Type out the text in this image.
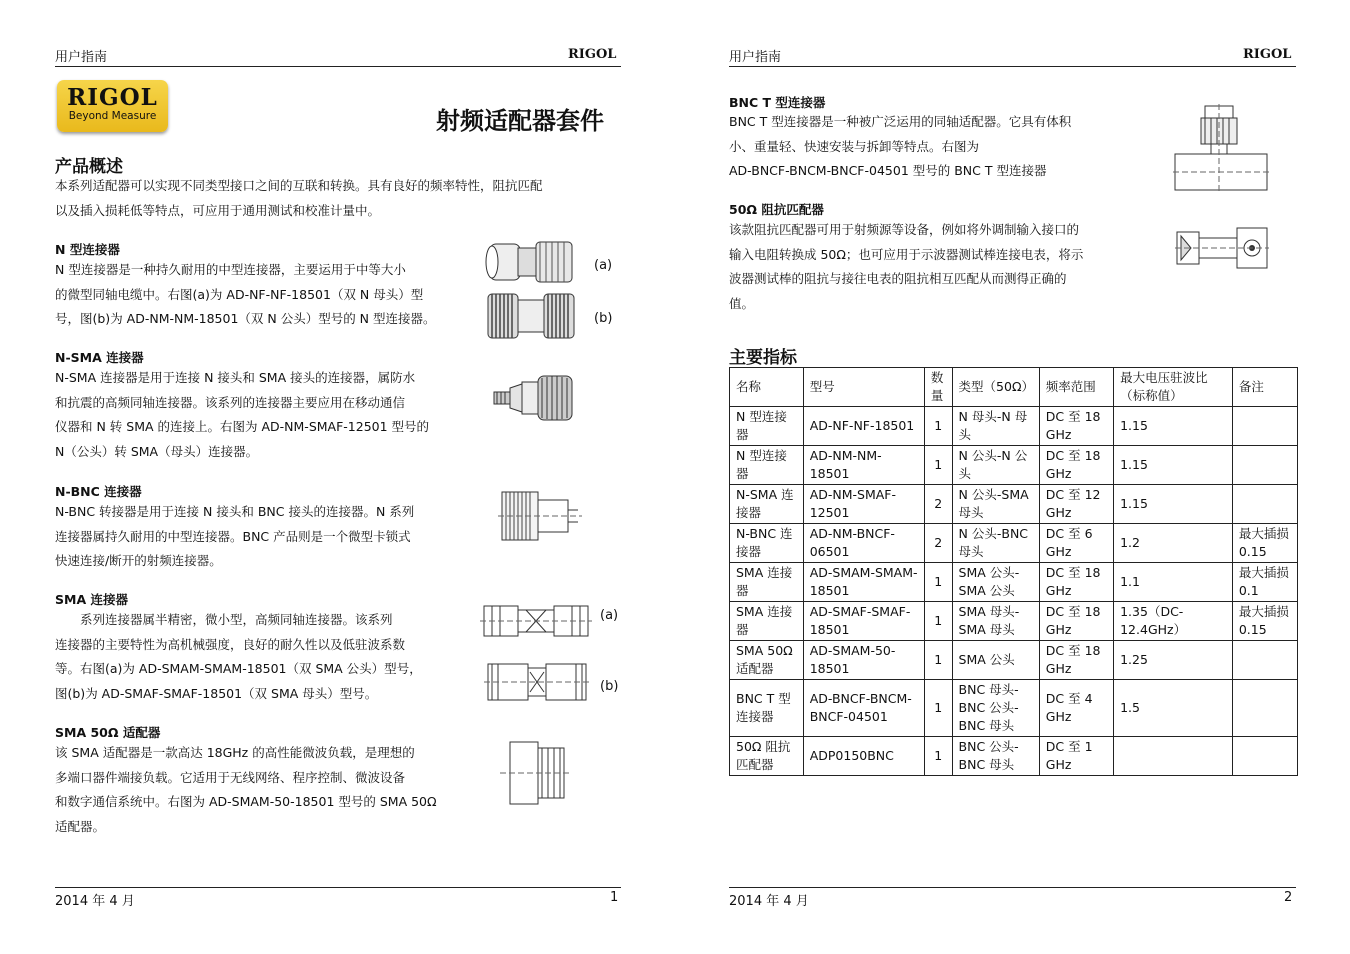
用户指南	RIGOL
RIGOL
Beyond Measure	射频适配器套件
产品概述
本系列适配器可以实现不同类型接口之间的互联和转换。具有良好的频率特性，阻抗匹配
以及插入损耗低等特点，可应用于通用测试和校准计量中。
N 型连接器
N 型连接器是一种持久耐用的中型连接器，主要运用于中等大小
的微型同轴电缆中。右图(a)为 AD-NF-NF-18501（双 N 母头）型
号，图(b)为 AD-NM-NM-18501（双 N 公头）型号的 N 型连接器。
N-SMA 连接器
N-SMA 连接器是用于连接 N 接头和 SMA 接头的连接器，属防水
和抗震的高频同轴连接器。该系列的连接器主要应用在移动通信
仪器和 N 转 SMA 的连接上。右图为 AD-NM-SMAF-12501 型号的
N（公头）转 SMA（母头）连接器。
N-BNC 连接器
N-BNC 转接器是用于连接 N 接头和 BNC 接头的连接器。N 系列
连接器属持久耐用的中型连接器。BNC 产品则是一个微型卡锁式
快速连接/断开的射频连接器。
SMA 连接器
　　系列连接器属半精密，微小型，高频同轴连接器。该系列
连接器的主要特性为高机械强度，良好的耐久性以及低驻波系数
等。右图(a)为 AD-SMAM-SMAM-18501（双 SMA 公头）型号，
图(b)为 AD-SMAF-SMAF-18501（双 SMA 母头）型号。
SMA 50Ω 适配器
该 SMA 适配器是一款高达 18GHz 的高性能微波负载，是理想的
多端口器件端接负载。它适用于无线网络、程序控制、微波设备
和数字通信系统中。右图为 AD-SMAM-50-18501 型号的 SMA 50Ω
适配器。
(a)
(b)
(a)
(b)
2014 年 4 月	1
用户指南	RIGOL
BNC T 型连接器
BNC T 型连接器是一种被广泛运用的同轴适配器。它具有体积
小、重量轻、快速安装与拆卸等特点。右图为
AD-BNCF-BNCM-BNCF-04501 型号的 BNC T 型连接器
50Ω 阻抗匹配器
该款阻抗匹配器可用于射频源等设备，例如将外调制输入接口的
输入电阻转换成 50Ω；也可应用于示波器测试棒连接电表，将示
波器测试棒的阻抗与接往电表的阻抗相互匹配从而测得正确的
值。
主要指标
2014 年 4 月	2
名称	型号	数量	类型（50Ω）	频率范围	最大电压驻波比（标称值）	备注
N 型连接器	AD-NF-NF-18501	1	N 母头-N 母头	DC 至 18 GHz	1.15	
N 型连接器	AD-NM-NM-18501	1	N 公头-N 公头	DC 至 18 GHz	1.15	
N-SMA 连接器	AD-NM-SMAF-12501	2	N 公头-SMA 母头	DC 至 12 GHz	1.15	
N-BNC 连接器	AD-NM-BNCF-06501	2	N 公头-BNC 母头	DC 至 6 GHz	1.2	最大插损 0.15
SMA 连接器	AD-SMAM-SMAM-18501	1	SMA 公头-SMA 公头	DC 至 18 GHz	1.1	最大插损 0.1
SMA 连接器	AD-SMAF-SMAF-18501	1	SMA 母头-SMA 母头	DC 至 18 GHz	1.35（DC-12.4GHz）	最大插损 0.15
SMA 50Ω 适配器	AD-SMAM-50-18501	1	SMA 公头	DC 至 18 GHz	1.25	
BNC T 型连接器	AD-BNCF-BNCM-BNCF-04501	1	BNC 母头-BNC 公头-BNC 母头	DC 至 4 GHz	1.5	
50Ω 阻抗匹配器	ADP0150BNC	1	BNC 公头-BNC 母头	DC 至 1 GHz		
